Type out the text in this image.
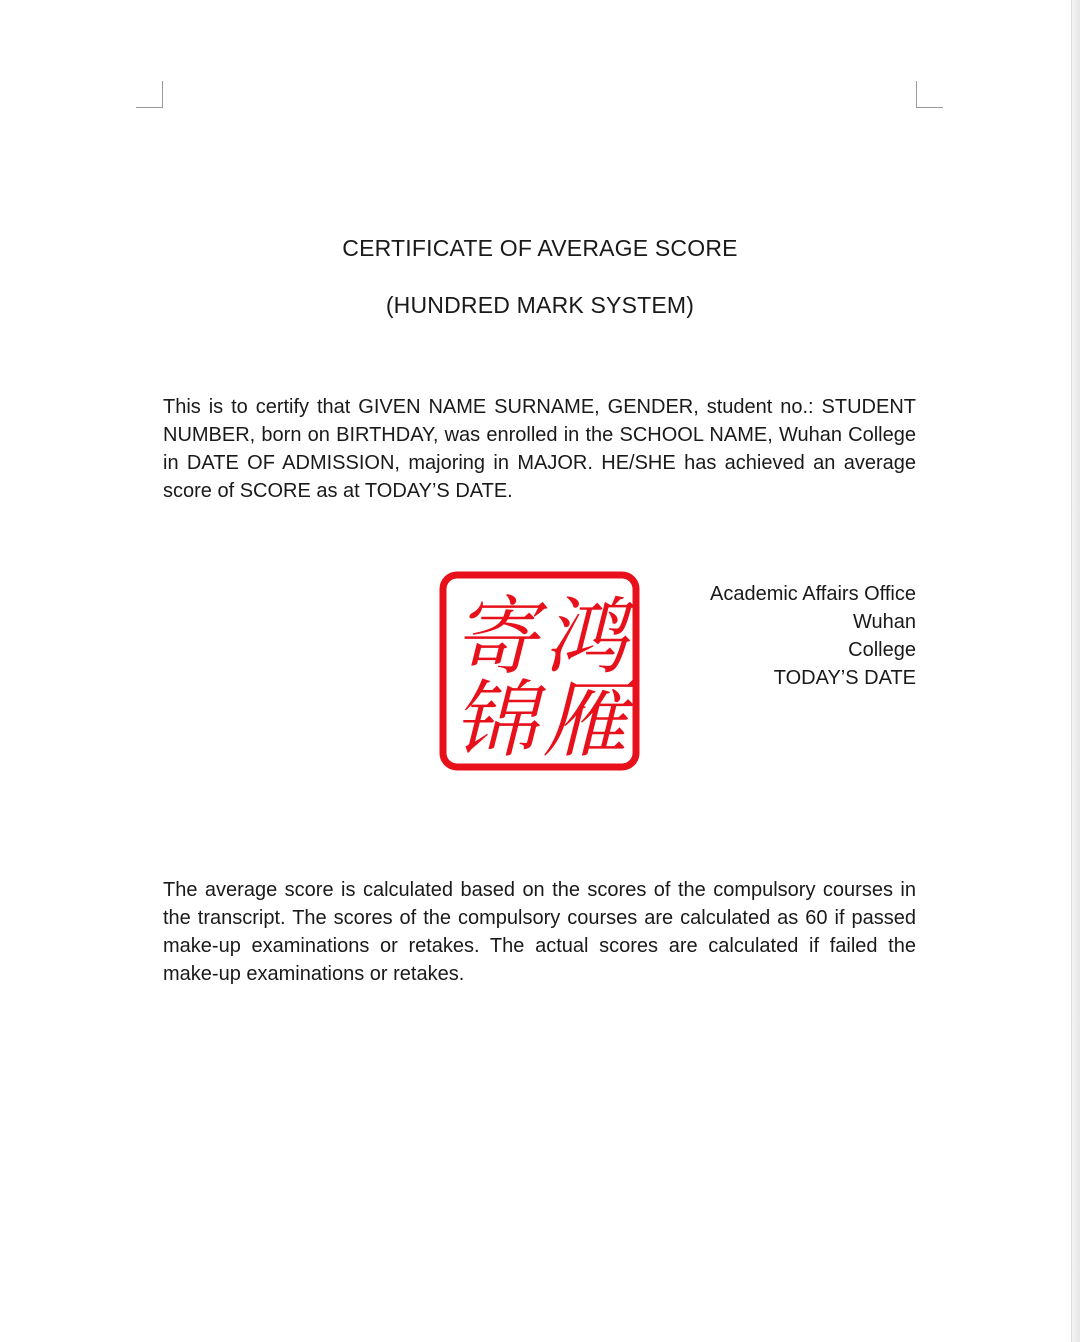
CERTIFICATE OF AVERAGE SCORE
(HUNDRED MARK SYSTEM)

This is to certify that GIVEN NAME SURNAME, GENDER, student no.: STUDENT NUMBER, born on BIRTHDAY, was enrolled in the SCHOOL NAME, Wuhan College in DATE OF ADMISSION, majoring in MAJOR. HE/SHE has achieved an average score of SCORE as at TODAY’S DATE.

鸿
雁
寄
锦
Academic Affairs Office
Wuhan
College
TODAY’S DATE

The average score is calculated based on the scores of the compulsory courses in the transcript. The scores of the compulsory courses are calculated as 60 if passed make-up examinations or retakes. The actual scores are calculated if failed the make-up examinations or retakes.
